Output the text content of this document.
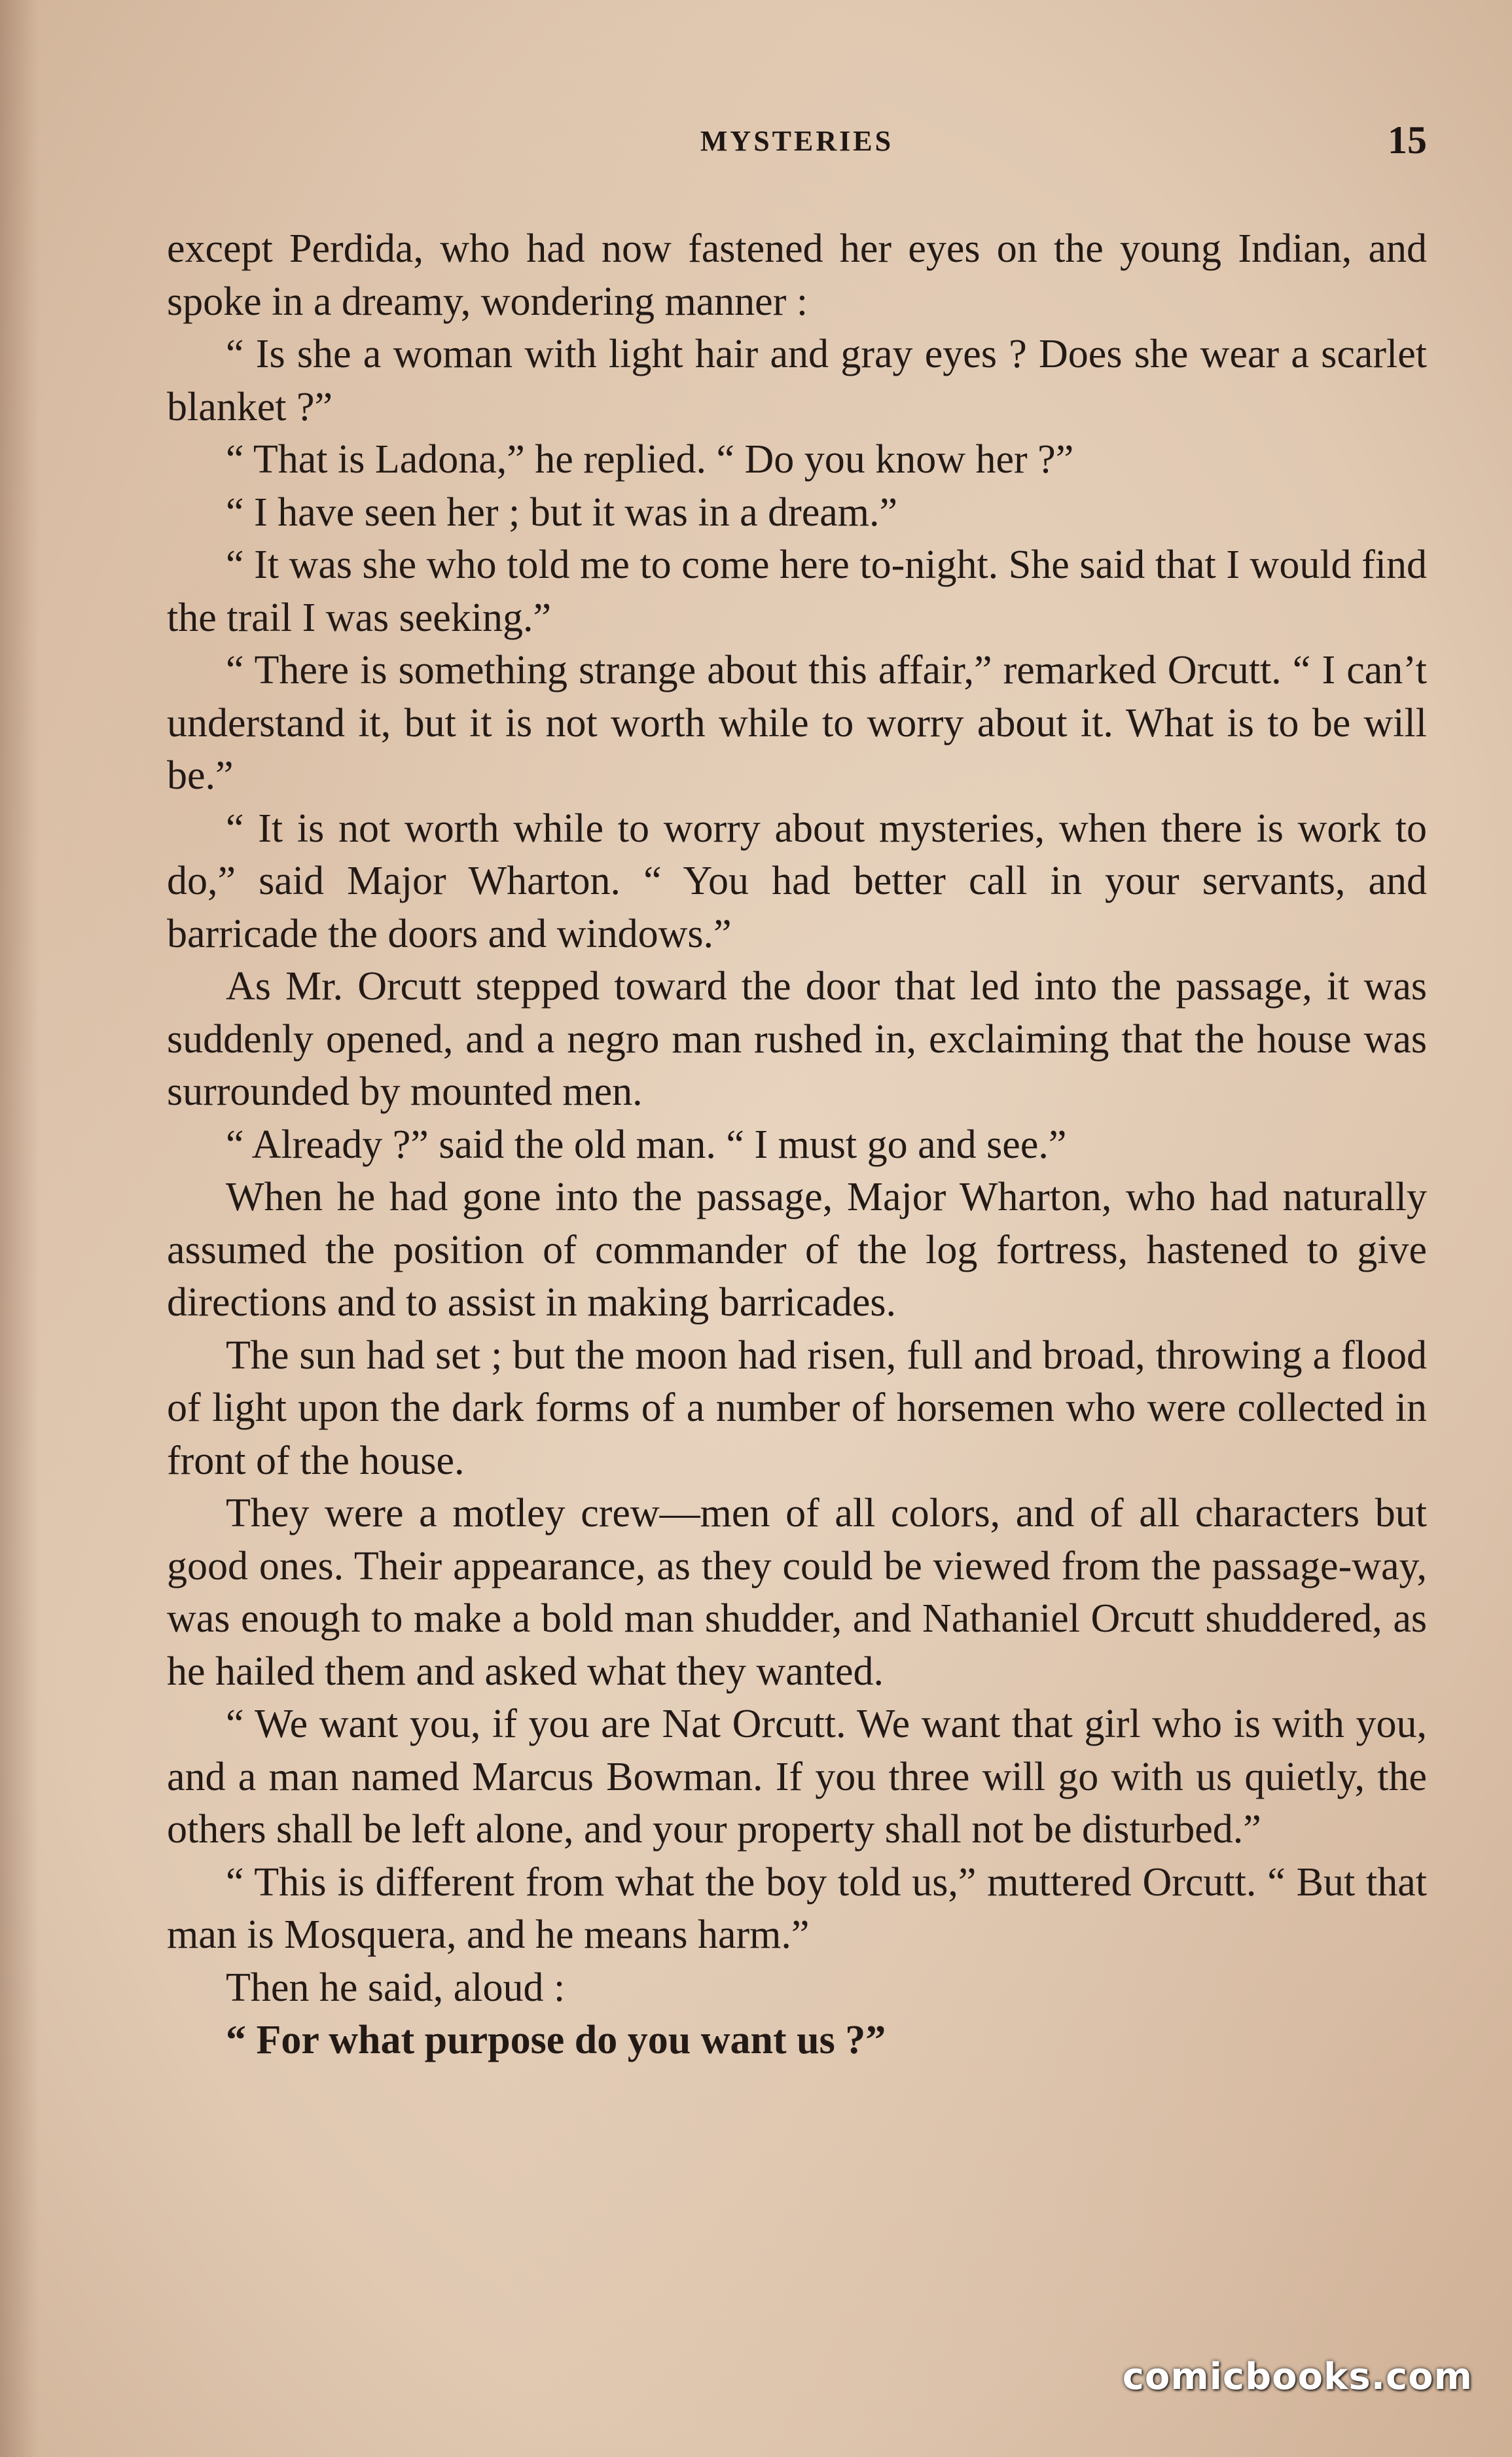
MYSTERIES	15

except Perdida, who had now fastened her eyes on the young Indian, and spoke in a dreamy, wondering manner :

“ Is she a woman with light hair and gray eyes ? Does she wear a scarlet blanket ?”

“ That is Ladona,” he replied. “ Do you know her ?”

“ I have seen her ; but it was in a dream.”

“ It was she who told me to come here to-night. She said that I would find the trail I was seeking.”

“ There is something strange about this affair,” remarked Orcutt. “ I can’t understand it, but it is not worth while to worry about it. What is to be will be.”

“ It is not worth while to worry about mysteries, when there is work to do,” said Major Wharton. “ You had better call in your servants, and barricade the doors and windows.”

As Mr. Orcutt stepped toward the door that led into the passage, it was suddenly opened, and a negro man rushed in, exclaiming that the house was surrounded by mounted men.

“ Already ?” said the old man. “ I must go and see.”

When he had gone into the passage, Major Wharton, who had naturally assumed the position of commander of the log fortress, hastened to give directions and to assist in making barricades.

The sun had set ; but the moon had risen, full and broad, throwing a flood of light upon the dark forms of a number of horsemen who were collected in front of the house.

They were a motley crew—men of all colors, and of all characters but good ones. Their appearance, as they could be viewed from the passage-way, was enough to make a bold man shudder, and Nathaniel Orcutt shuddered, as he hailed them and asked what they wanted.

“ We want you, if you are Nat Orcutt. We want that girl who is with you, and a man named Marcus Bowman. If you three will go with us quietly, the others shall be left alone, and your property shall not be disturbed.”

“ This is different from what the boy told us,” muttered Orcutt. “ But that man is Mosquera, and he means harm.”

Then he said, aloud :

“ For what purpose do you want us ?”

comicbooks.com
